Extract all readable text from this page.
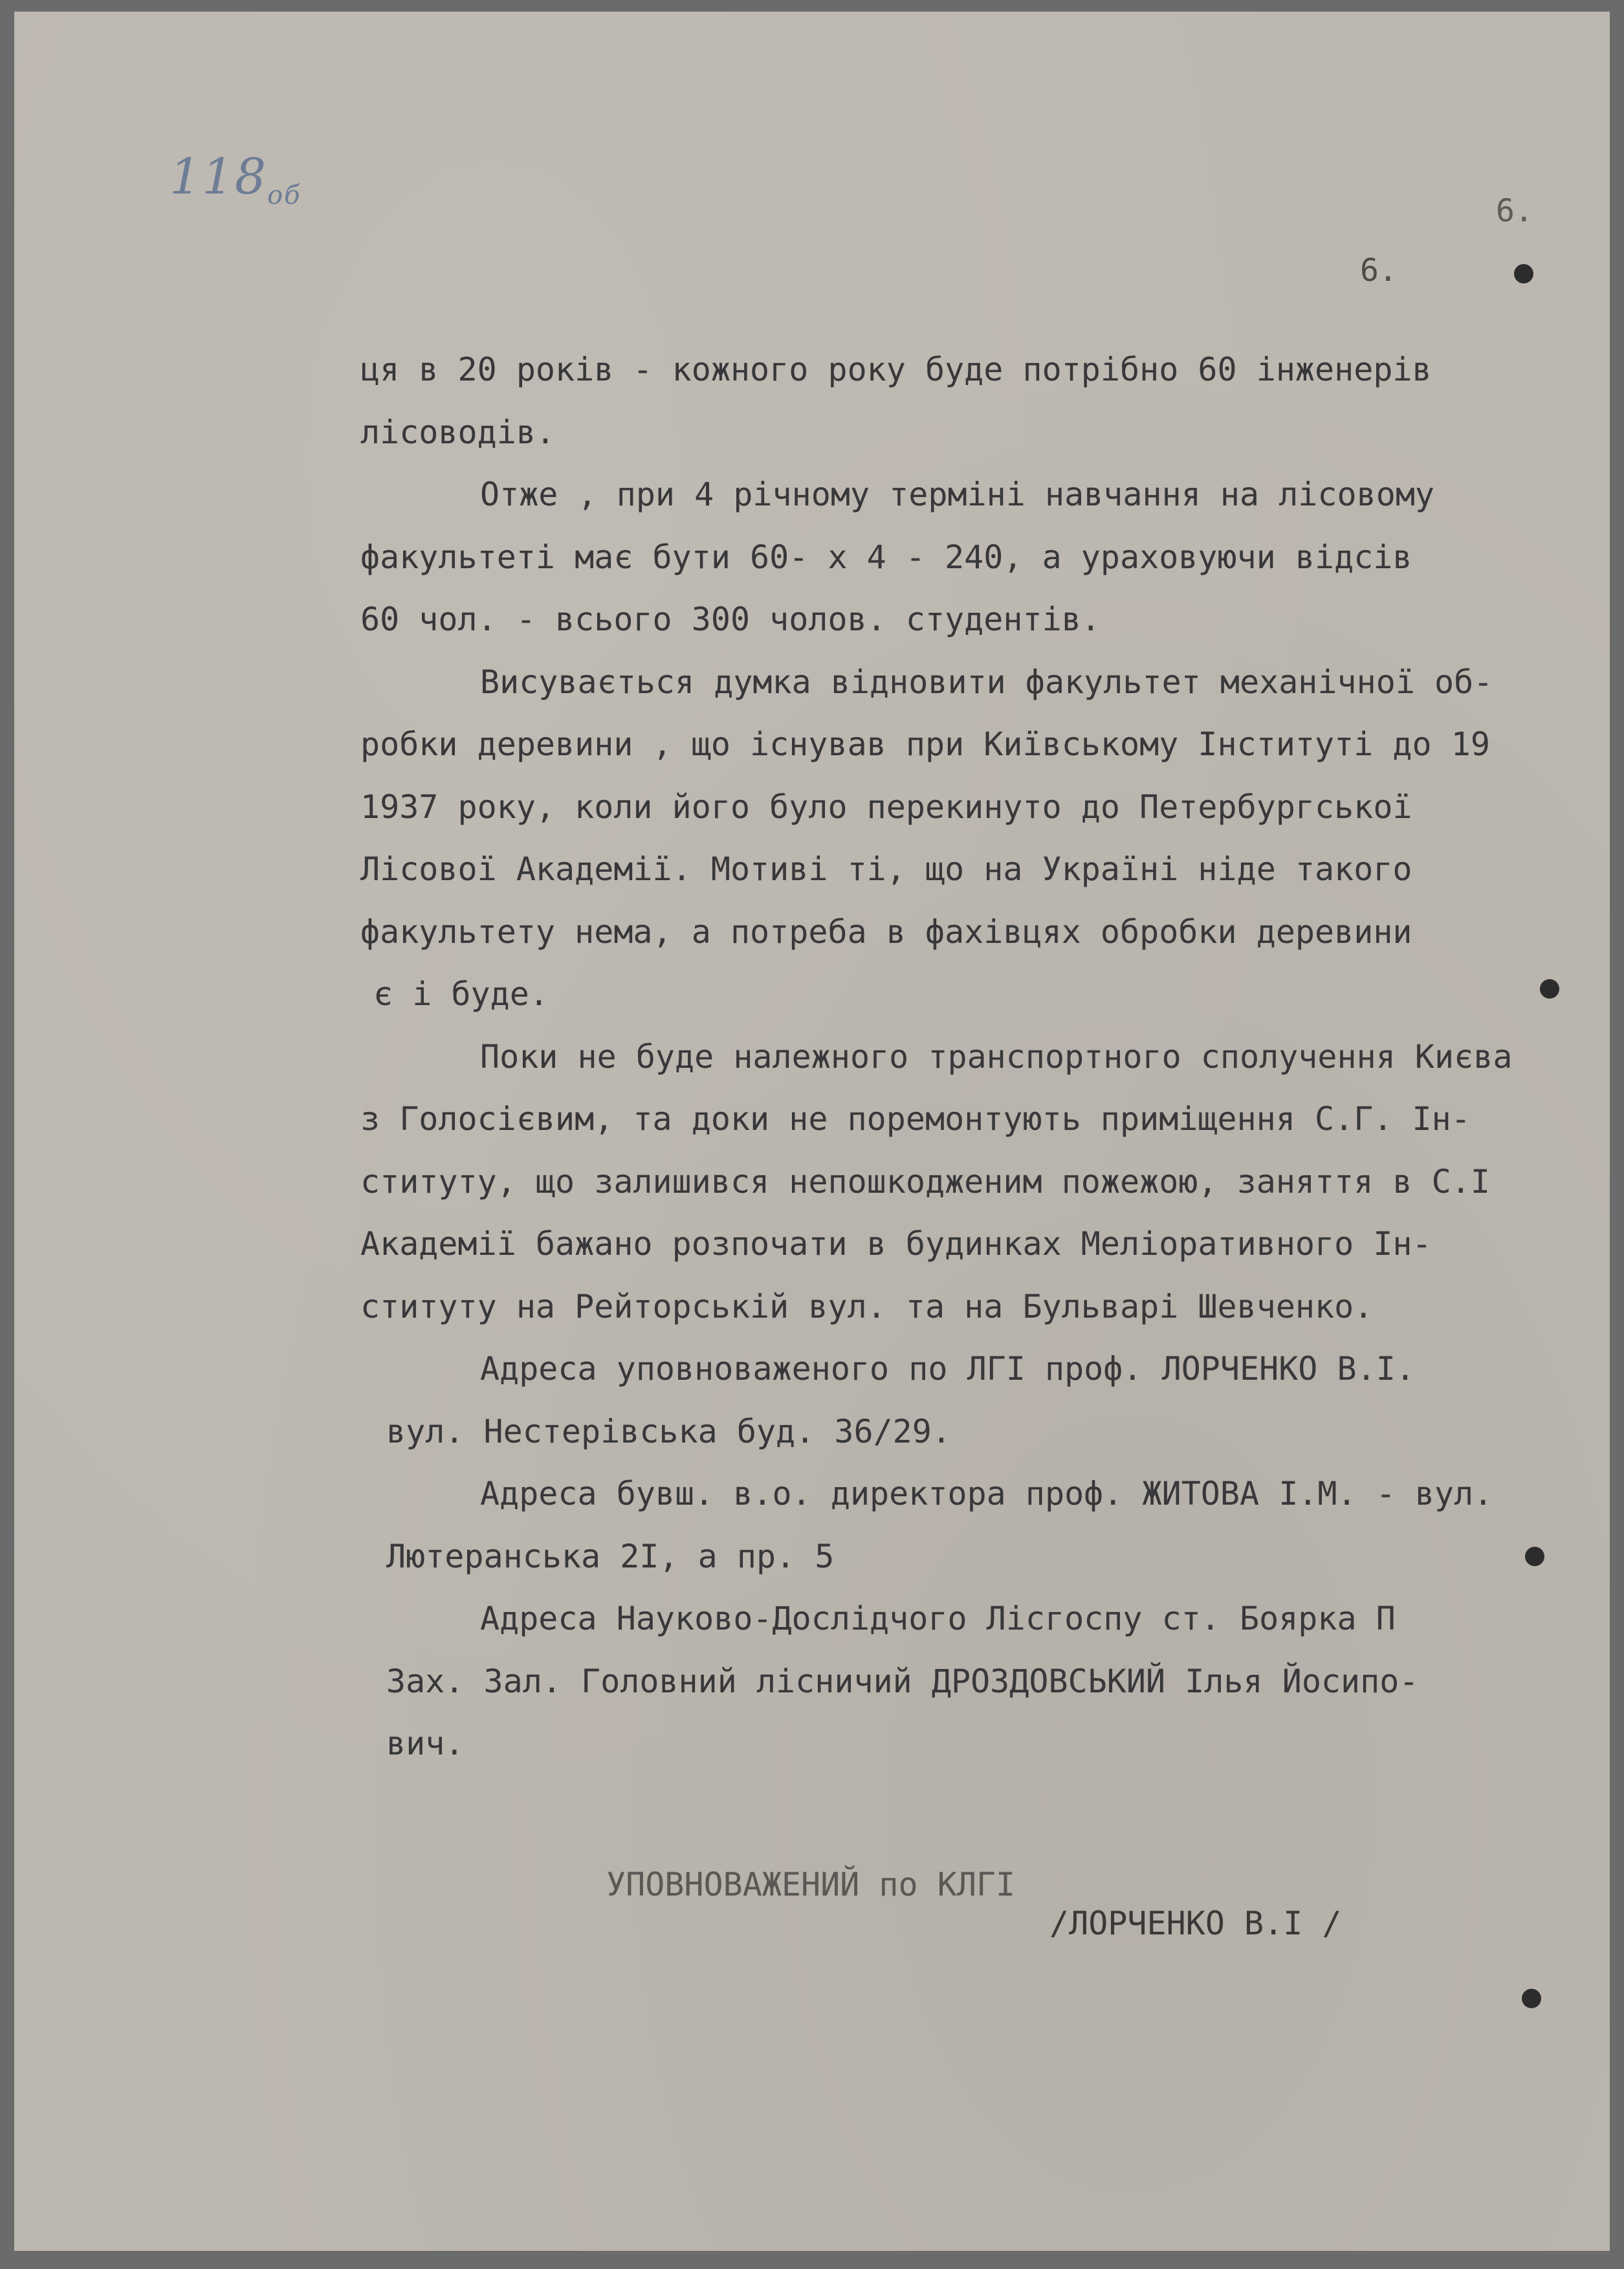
$118_{об}$	6.

6.

ця в 20 років - кожного року буде потрібно 60 інженерів

лісоводів.

Отже , при 4 річному терміні навчання на лісовому

факультеті має бути 60- х 4 - 240, а ураховуючи відсів

60 чол. - всього 300 чолов. студентів.

Висувається думка відновити факультет механічної об-

робки деревини , що існував при Київському Інституті до 19

1937 року, коли його було перекинуто до Петербургської

Лісової Академії. Мотиві ті, що на Україні ніде такого

факультету нема, а потреба в фахівцях обробки деревини

є і буде.

Поки не буде належного транспортного сполучення Києва

з Голосієвим, та доки не поремонтують приміщення С.Г. Ін-

ституту, що залишився непошкодженим пожежою, заняття в С.І

Академії бажано розпочати в будинках Меліоративного Ін-

ституту на Рейторській вул. та на Бульварі Шевченко.

Адреса уповноваженого по ЛГІ проф. ЛОРЧЕНКО В.І.

вул. Нестерівська буд. 36/29.

Адреса бувш. в.о. директора проф. ЖИТОВА І.М. - вул.

Лютеранська 2І, а пр. 5

Адреса Науково-Дослідчого Лісгоспу ст. Боярка П

Зах. Зал. Головний лісничий ДРОЗДОВСЬКИЙ Ілья Йосипо-

вич.

УПОВНОВАЖЕНИЙ по КЛГІ

/ЛОРЧЕНКО В.І /
